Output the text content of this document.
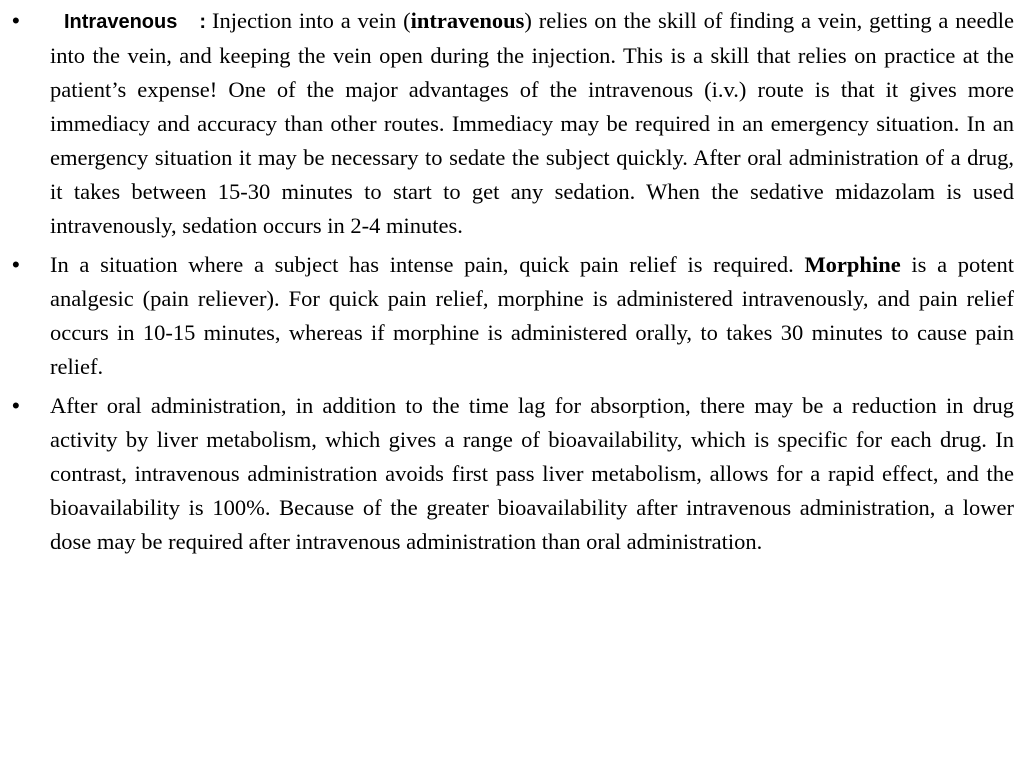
• Intravenous : Injection into a vein (intravenous) relies on the skill of finding a vein, getting a needle into the vein, and keeping the vein open during the injection. This is a skill that relies on practice at the patient’s expense! One of the major advantages of the intravenous (i.v.) route is that it gives more immediacy and accuracy than other routes. Immediacy may be required in an emergency situation. In an emergency situation it may be necessary to sedate the subject quickly. After oral administration of a drug, it takes between 15-30 minutes to start to get any sedation. When the sedative midazolam is used intravenously, sedation occurs in 2-4 minutes.
• In a situation where a subject has intense pain, quick pain relief is required. Morphine is a potent analgesic (pain reliever). For quick pain relief, morphine is administered intravenously, and pain relief occurs in 10-15 minutes, whereas if morphine is administered orally, to takes 30 minutes to cause pain relief.
• After oral administration, in addition to the time lag for absorption, there may be a reduction in drug activity by liver metabolism, which gives a range of bioavailability, which is specific for each drug. In contrast, intravenous administration avoids first pass liver metabolism, allows for a rapid effect, and the bioavailability is 100%. Because of the greater bioavailability after intravenous administration, a lower dose may be required after intravenous administration than oral administration.
